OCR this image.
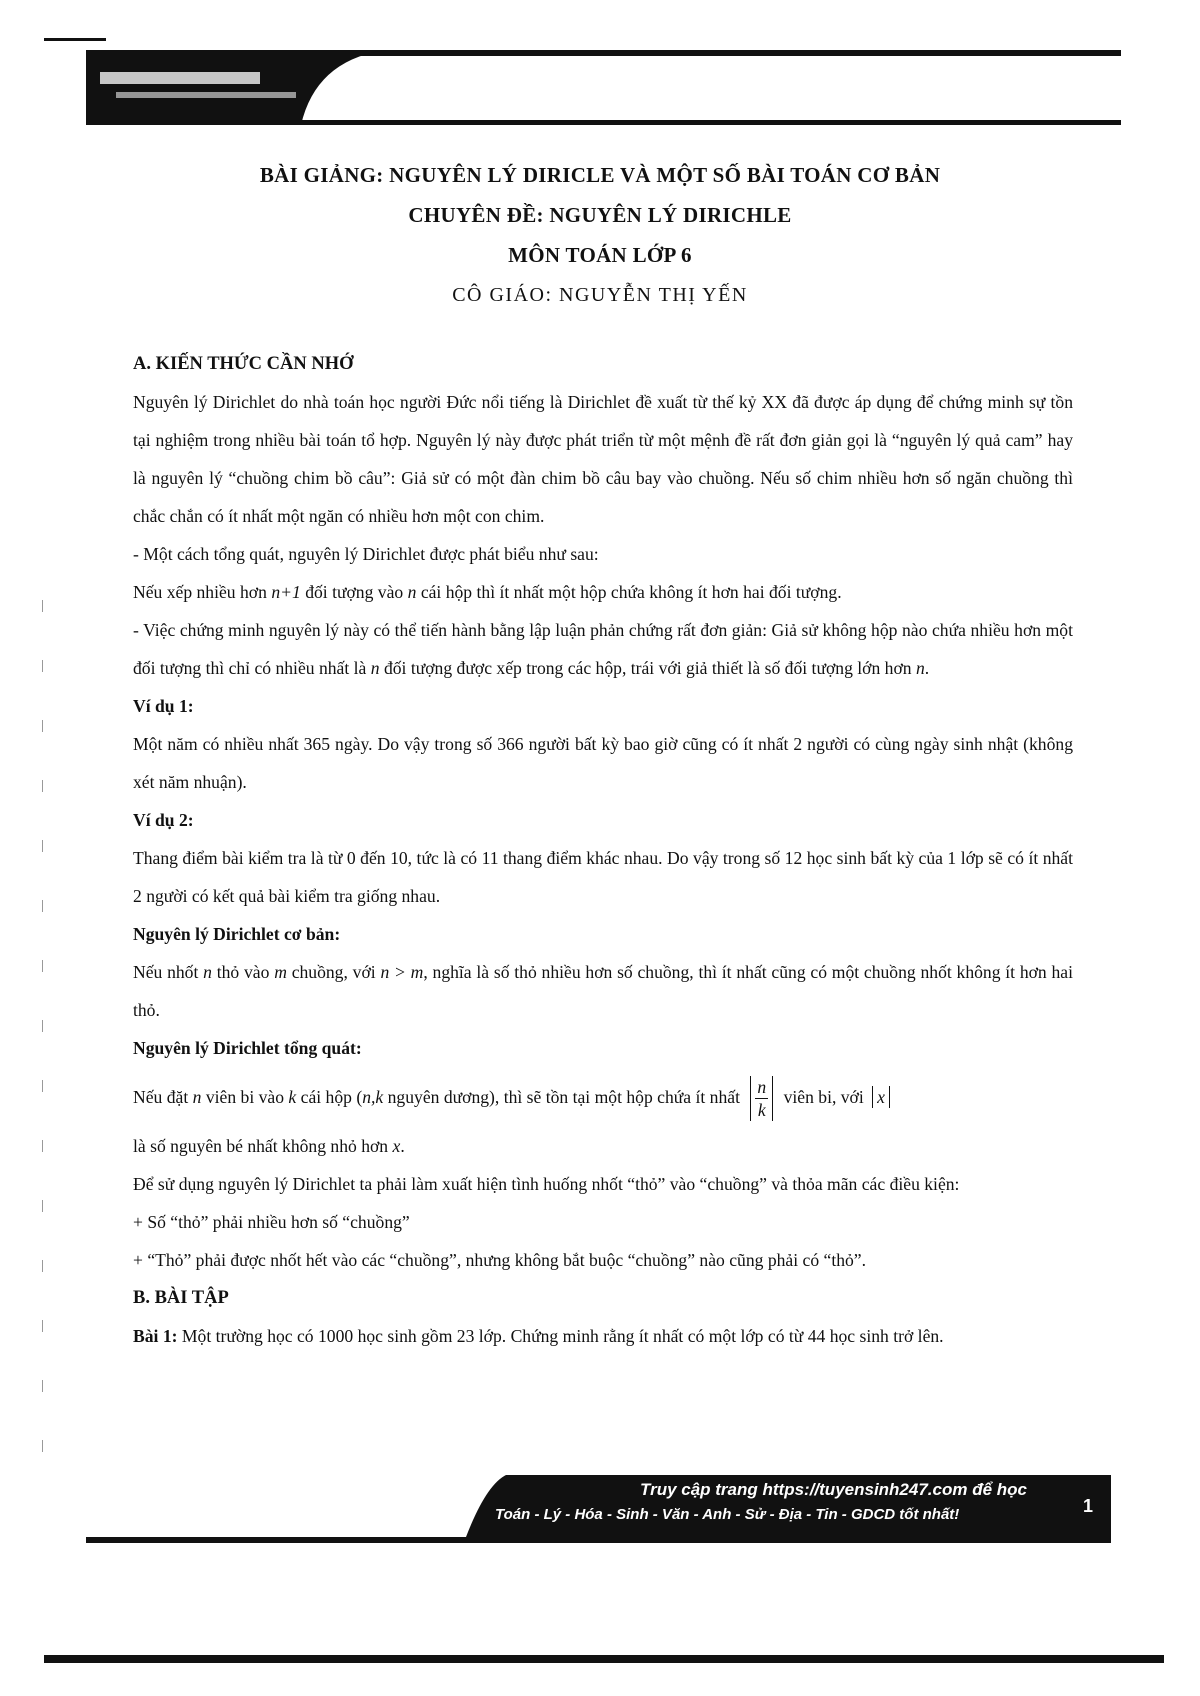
BÀI GIẢNG: NGUYÊN LÝ DIRICLE VÀ MỘT SỐ BÀI TOÁN CƠ BẢN
CHUYÊN ĐỀ: NGUYÊN LÝ DIRICHLE
MÔN TOÁN LỚP 6
CÔ GIÁO: NGUYỄN THỊ YẾN

A. KIẾN THỨC CẦN NHỚ

Nguyên lý Dirichlet do nhà toán học người Đức nổi tiếng là Dirichlet đề xuất từ thế kỷ XX đã được áp dụng để chứng minh sự tồn tại nghiệm trong nhiều bài toán tổ hợp. Nguyên lý này được phát triển từ một mệnh đề rất đơn giản gọi là “nguyên lý quả cam” hay là nguyên lý “chuồng chim bồ câu”: Giả sử có một đàn chim bồ câu bay vào chuồng. Nếu số chim nhiều hơn số ngăn chuồng thì chắc chắn có ít nhất một ngăn có nhiều hơn một con chim.

- Một cách tổng quát, nguyên lý Dirichlet được phát biểu như sau:

Nếu xếp nhiều hơn n+1 đối tượng vào n cái hộp thì ít nhất một hộp chứa không ít hơn hai đối tượng.

- Việc chứng minh nguyên lý này có thể tiến hành bằng lập luận phản chứng rất đơn giản: Giả sử không hộp nào chứa nhiều hơn một đối tượng thì chỉ có nhiều nhất là n đối tượng được xếp trong các hộp, trái với giả thiết là số đối tượng lớn hơn n.

Ví dụ 1:

Một năm có nhiều nhất 365 ngày. Do vậy trong số 366 người bất kỳ bao giờ cũng có ít nhất 2 người có cùng ngày sinh nhật (không xét năm nhuận).

Ví dụ 2:

Thang điểm bài kiểm tra là từ 0 đến 10, tức là có 11 thang điểm khác nhau. Do vậy trong số 12 học sinh bất kỳ của 1 lớp sẽ có ít nhất 2 người có kết quả bài kiểm tra giống nhau.

Nguyên lý Dirichlet cơ bản:

Nếu nhốt n thỏ vào m chuồng, với n > m, nghĩa là số thỏ nhiều hơn số chuồng, thì ít nhất cũng có một chuồng nhốt không ít hơn hai thỏ.

Nguyên lý Dirichlet tổng quát:

Nếu đặt n viên bi vào k cái hộp (n,k nguyên dương), thì sẽ tồn tại một hộp chứa ít nhất $\frac{n}{k}$ viên bi, với x

là số nguyên bé nhất không nhỏ hơn x.

Để sử dụng nguyên lý Dirichlet ta phải làm xuất hiện tình huống nhốt “thỏ” vào “chuồng” và thỏa mãn các điều kiện:

+ Số “thỏ” phải nhiều hơn số “chuồng”

+ “Thỏ” phải được nhốt hết vào các “chuồng”, nhưng không bắt buộc “chuồng” nào cũng phải có “thỏ”.

B. BÀI TẬP

Bài 1: Một trường học có 1000 học sinh gồm 23 lớp. Chứng minh rằng ít nhất có một lớp có từ 44 học sinh trở lên.

Truy cập trang https://tuyensinh247.com để học
Toán - Lý - Hóa - Sinh - Văn - Anh - Sử - Địa - Tin - GDCD tốt nhất!	1
